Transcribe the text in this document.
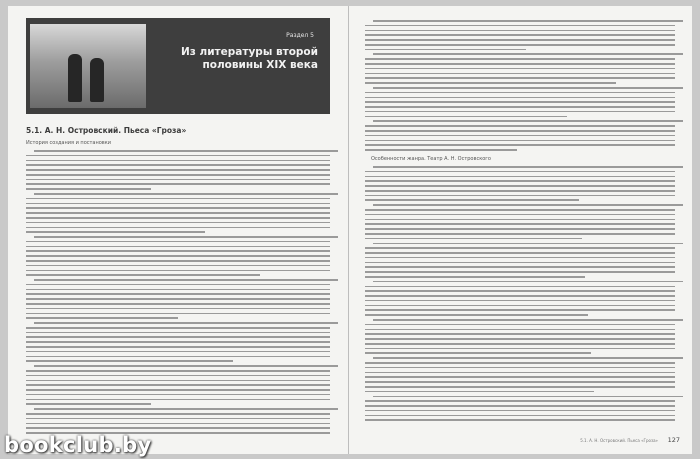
Раздел 5
Из литературы второй половины XIX века
5.1. А. Н. Островский. Пьеса «Гроза»
История создания и постановки
Особенности жанра. Театр А. Н. Островского
5.1. А. Н. Островский. Пьеса «Гроза» 127
bookclub.by
